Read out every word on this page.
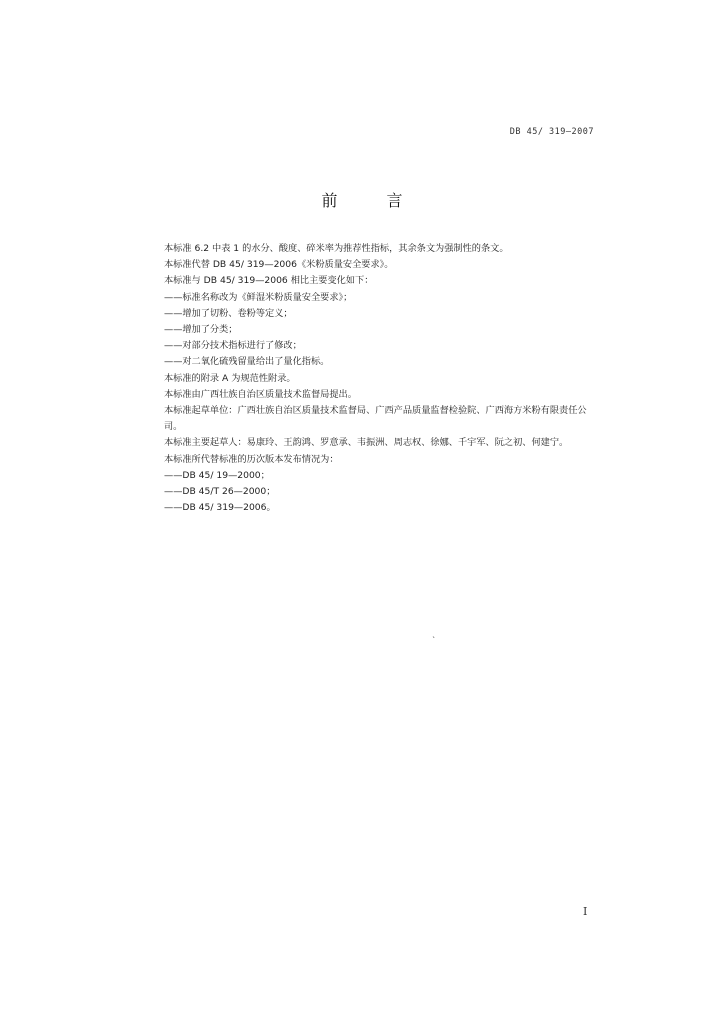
DB 45/ 319—2007
前 言

本标准 6.2 中表 1 的水分、酸度、碎米率为推荐性指标，其余条文为强制性的条文。

本标准代替 DB 45/ 319—2006《米粉质量安全要求》。

本标准与 DB 45/ 319—2006 相比主要变化如下：

——标准名称改为《鲜湿米粉质量安全要求》；

——增加了切粉、卷粉等定义；

——增加了分类；

——对部分技术指标进行了修改；

——对二氧化硫残留量给出了量化指标。

本标准的附录 A 为规范性附录。

本标准由广西壮族自治区质量技术监督局提出。

本标准起草单位：广西壮族自治区质量技术监督局、广西产品质量监督检验院、广西海方米粉有限责任公司。

本标准主要起草人：易康玲、王韵鸿、罗意承、韦振洲、周志权、徐娜、千宇军、阮之初、何建宁。

本标准所代替标准的历次版本发布情况为：

——DB 45/ 19—2000；

——DB 45/T 26—2000；

——DB 45/ 319—2006。

`
I
